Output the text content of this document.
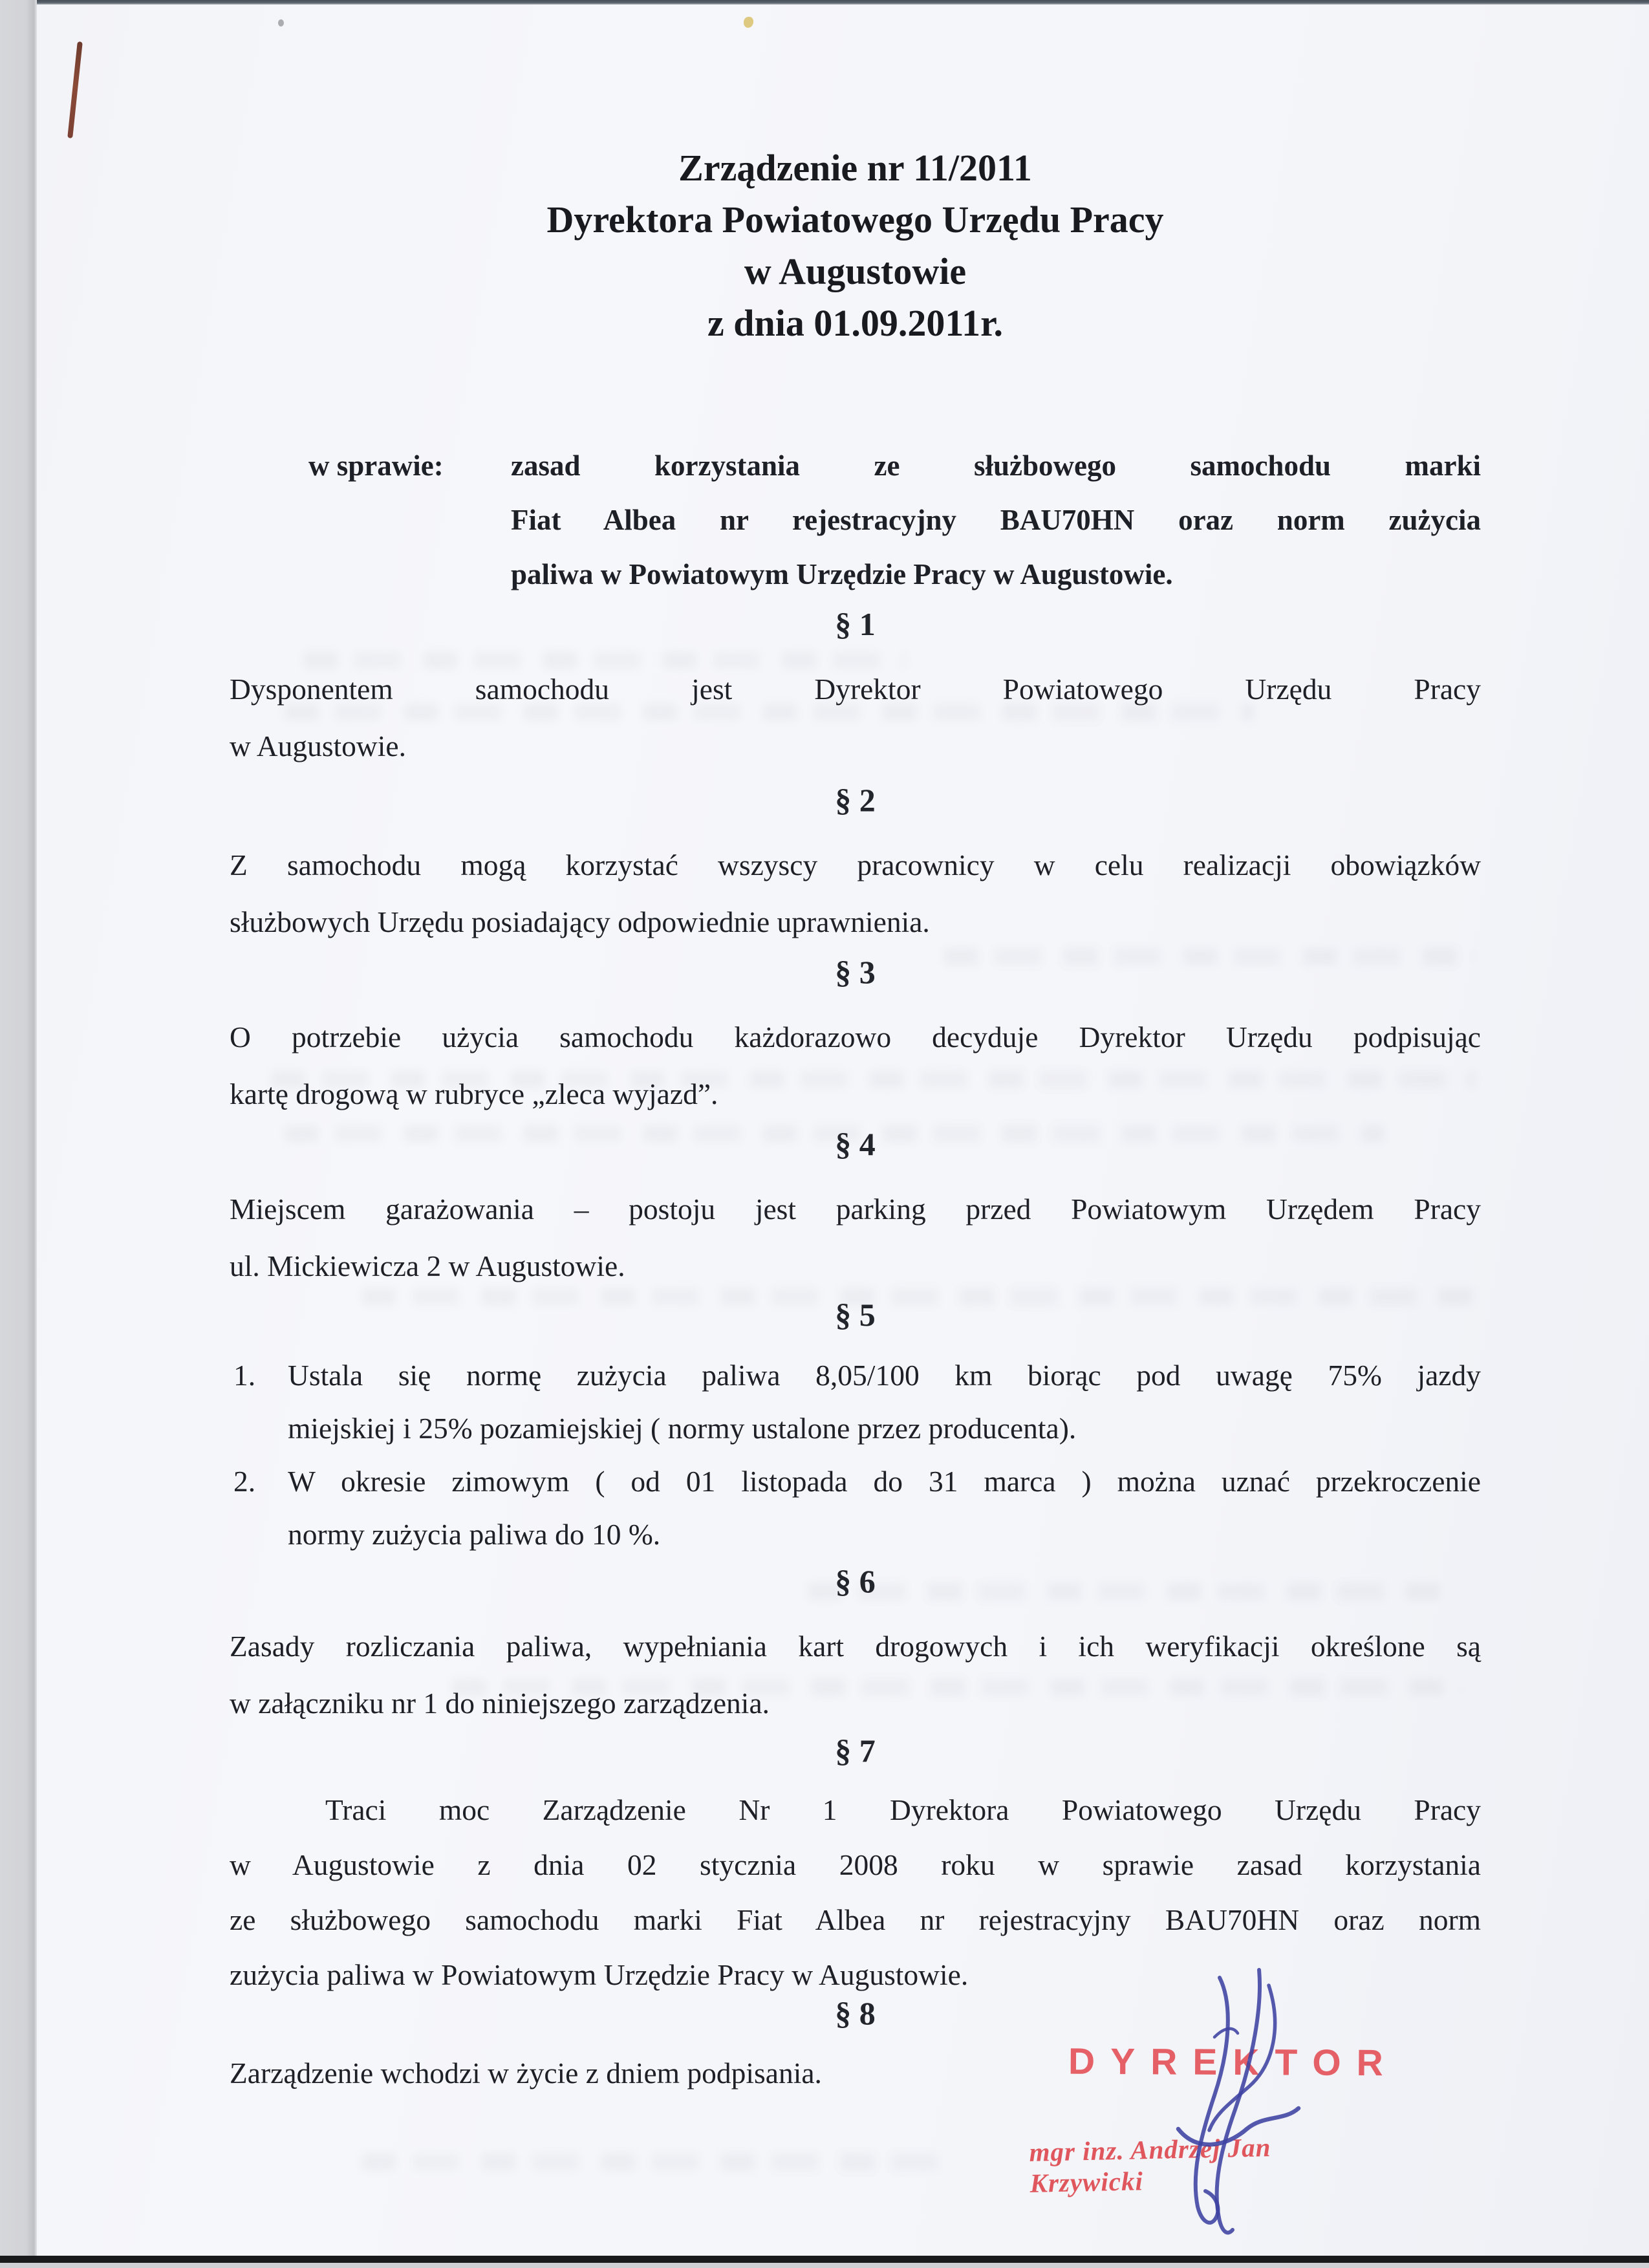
Zrządzenie nr 11/2011
Dyrektora Powiatowego Urzędu Pracy
w Augustowie
z dnia 01.09.2011r.
w sprawie:	zasad korzystania ze służbowego samochodu marki
Fiat Albea nr rejestracyjny BAU70HN oraz norm zużycia
paliwa w Powiatowym Urzędzie Pracy w Augustowie.
§ 1
Dysponentem samochodu jest Dyrektor Powiatowego Urzędu Pracy
w Augustowie.
§ 2
Z samochodu mogą korzystać wszyscy pracownicy w celu realizacji obowiązków
służbowych Urzędu posiadający odpowiednie uprawnienia.
§ 3
O potrzebie użycia samochodu każdorazowo decyduje Dyrektor Urzędu podpisując
kartę drogową w rubryce „zleca wyjazd”.
§ 4
Miejscem garażowania – postoju jest parking przed Powiatowym Urzędem Pracy
ul. Mickiewicza 2 w Augustowie.
§ 5
1.	Ustala się normę zużycia paliwa 8,05/100 km biorąc pod uwagę 75% jazdy
miejskiej i 25% pozamiejskiej ( normy ustalone przez producenta).
2.	W okresie zimowym ( od 01 listopada do 31 marca ) można uznać przekroczenie
normy zużycia paliwa do 10 %.
§ 6
Zasady rozliczania paliwa, wypełniania kart drogowych i ich weryfikacji określone są
w załączniku nr 1 do niniejszego zarządzenia.
§ 7
Traci moc Zarządzenie Nr 1 Dyrektora Powiatowego Urzędu Pracy
w Augustowie z dnia 02 stycznia 2008 roku w sprawie zasad korzystania
ze służbowego samochodu marki Fiat Albea nr rejestracyjny BAU70HN oraz norm
zużycia paliwa w Powiatowym Urzędzie Pracy w Augustowie.
§ 8
Zarządzenie wchodzi w życie z dniem podpisania.	DYREKTOR
mgr inz. Andrzej Jan Krzywicki
